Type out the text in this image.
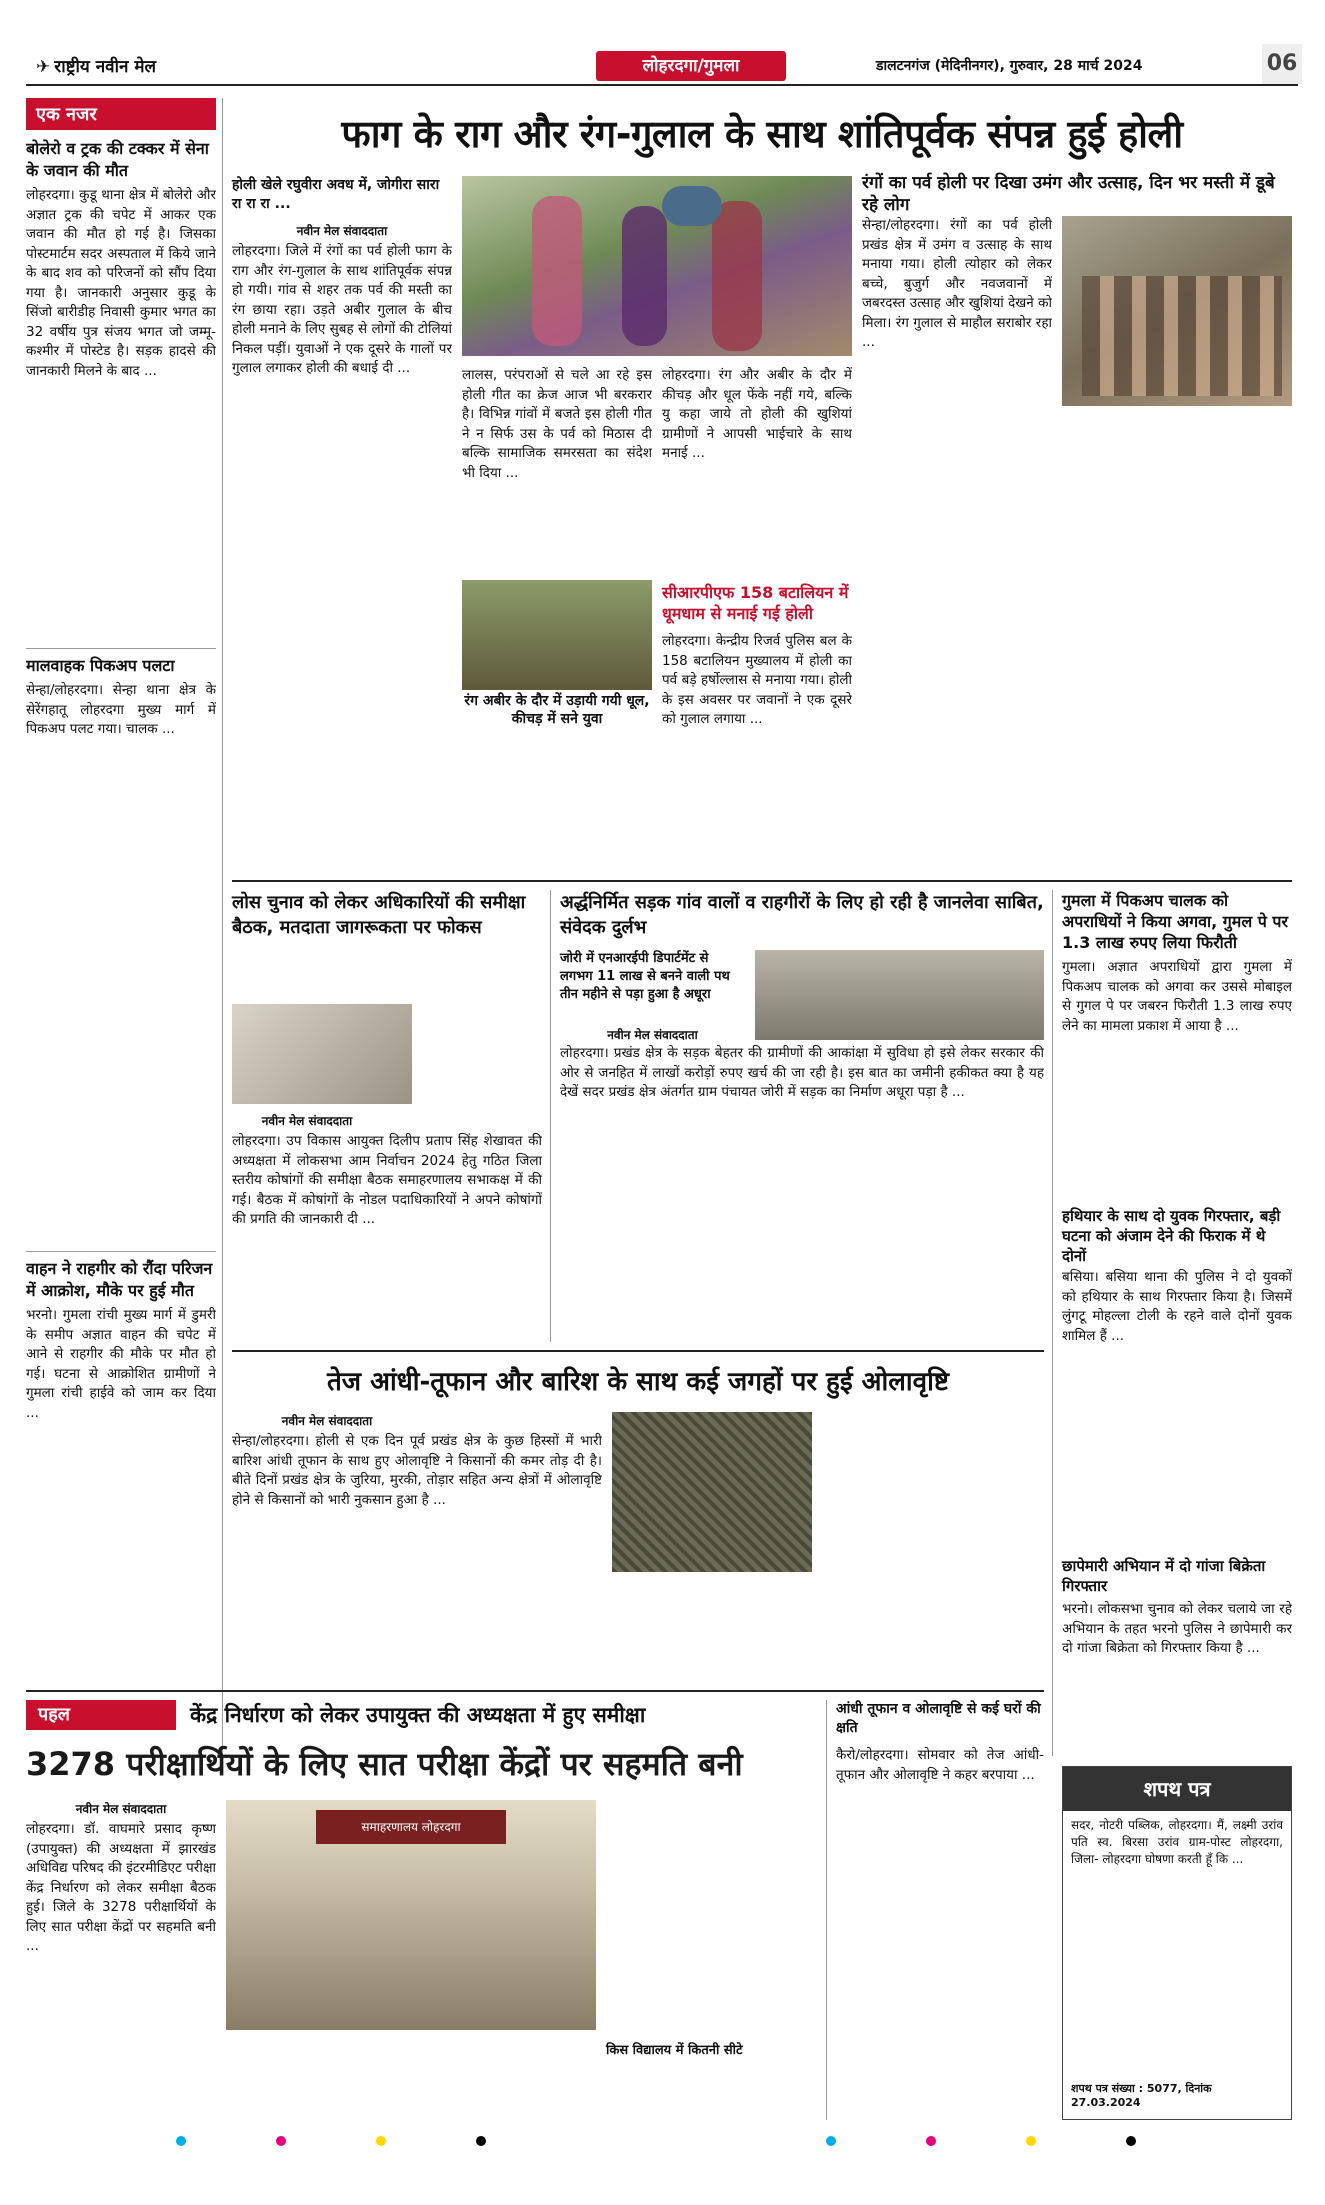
✈ राष्ट्रीय नवीन मेल	लोहरदगा/गुमला	डालटनगंज (मेदिनीनगर), गुरुवार, 28 मार्च 2024	06
एक नजर
बोलेरो व ट्रक की टक्कर में सेना के जवान की मौत
लोहरदगा। कुडू थाना क्षेत्र में बोलेरो और अज्ञात ट्रक की चपेट में आकर एक जवान की मौत हो गई है। जिसका पोस्टमार्टम सदर अस्पताल में किये जाने के बाद शव को परिजनों को सौंप दिया गया है। जानकारी अनुसार कुडू के सिंजो बारीडीह निवासी कुमार भगत का 32 वर्षीय पुत्र संजय भगत जो जम्मू-कश्मीर में पोस्टेड है। सड़क हादसे की जानकारी मिलने के बाद ...
मालवाहक पिकअप पलटा
सेन्हा/लोहरदगा। सेन्हा थाना क्षेत्र के सेरेंगहातू लोहरदगा मुख्य मार्ग में पिकअप पलट गया। चालक ...
वाहन ने राहगीर को रौंदा परिजन में आक्रोश, मौके पर हुई मौत
भरनो। गुमला रांची मुख्य मार्ग में डुमरी के समीप अज्ञात वाहन की चपेट में आने से राहगीर की मौके पर मौत हो गई। घटना से आक्रोशित ग्रामीणों ने गुमला रांची हाईवे को जाम कर दिया ...
फाग के राग और रंग-गुलाल के साथ शांतिपूर्वक संपन्न हुई होली
होली खेले रघुवीरा अवध में, जोगीरा सारा रा रा रा ...
नवीन मेल संवाददाता
लोहरदगा। जिले में रंगों का पर्व होली फाग के राग और रंग-गुलाल के साथ शांतिपूर्वक संपन्न हो गयी। गांव से शहर तक पर्व की मस्ती का रंग छाया रहा। उड़ते अबीर गुलाल के बीच होली मनाने के लिए सुबह से लोगों की टोलियां निकल पड़ीं। युवाओं ने एक दूसरे के गालों पर गुलाल लगाकर होली की बधाई दी ...	लालस, परंपराओं से चले आ रहे इस होली गीत का क्रेज आज भी बरकरार है। विभिन्न गांवों में बजते इस होली गीत ने न सिर्फ उस के पर्व को मिठास दी बल्कि सामाजिक समरसता का संदेश भी दिया ...
लोहरदगा। रंग और अबीर के दौर में कीचड़ और धूल फेंके नहीं गये, बल्कि यु कहा जाये तो होली की खुशियां ग्रामीणों ने आपसी भाईचारे के साथ मनाई ...
रंग अबीर के दौर में उड़ायी गयी धूल, कीचड़ में सने युवा
सीआरपीएफ 158 बटालियन में धूमधाम से मनाई गई होली
लोहरदगा। केन्द्रीय रिजर्व पुलिस बल के 158 बटालियन मुख्यालय में होली का पर्व बड़े हर्षोल्लास से मनाया गया। होली के इस अवसर पर जवानों ने एक दूसरे को गुलाल लगाया ...
रंगों का पर्व होली पर दिखा उमंग और उत्साह, दिन भर मस्ती में डूबे रहे लोग
सेन्हा/लोहरदगा। रंगों का पर्व होली प्रखंड क्षेत्र में उमंग व उत्साह के साथ मनाया गया। होली त्योहार को लेकर बच्चे, बुजुर्ग और नवजवानों में जबरदस्त उत्साह और खुशियां देखने को मिला। रंग गुलाल से माहौल सराबोर रहा ...
लोस चुनाव को लेकर अधिकारियों की समीक्षा बैठक, मतदाता जागरूकता पर फोकस
नवीन मेल संवाददाता
लोहरदगा। उप विकास आयुक्त दिलीप प्रताप सिंह शेखावत की अध्यक्षता में लोकसभा आम निर्वाचन 2024 हेतु गठित जिला स्तरीय कोषांगों की समीक्षा बैठक समाहरणालय सभाकक्ष में की गई। बैठक में कोषांगों के नोडल पदाधिकारियों ने अपने कोषांगों की प्रगति की जानकारी दी ...
अर्द्धनिर्मित सड़क गांव वालों व राहगीरों के लिए हो रही है जानलेवा साबित, संवेदक दुर्लभ
जोरी में एनआरईपी डिपार्टमेंट से लगभग 11 लाख से बनने वाली पथ तीन महीने से पड़ा हुआ है अधूरा
नवीन मेल संवाददाता
लोहरदगा। प्रखंड क्षेत्र के सड़क बेहतर की ग्रामीणों की आकांक्षा में सुविधा हो इसे लेकर सरकार की ओर से जनहित में लाखों करोड़ों रुपए खर्च की जा रही है। इस बात का जमीनी हकीकत क्या है यह देखें सदर प्रखंड क्षेत्र अंतर्गत ग्राम पंचायत जोरी में सड़क का निर्माण अधूरा पड़ा है ...
गुमला में पिकअप चालक को अपराधियों ने किया अगवा, गुमल पे पर 1.3 लाख रुपए लिया फिरौती
गुमला। अज्ञात अपराधियों द्वारा गुमला में पिकअप चालक को अगवा कर उससे मोबाइल से गुगल पे पर जबरन फिरौती 1.3 लाख रुपए लेने का मामला प्रकाश में आया है ...
हथियार के साथ दो युवक गिरफ्तार, बड़ी घटना को अंजाम देने की फिराक में थे दोनों
बसिया। बसिया थाना की पुलिस ने दो युवकों को हथियार के साथ गिरफ्तार किया है। जिसमें लुंगटू मोहल्ला टोली के रहने वाले दोनों युवक शामिल हैं ...
छापेमारी अभियान में दो गांजा बिक्रेता गिरफ्तार
भरनो। लोकसभा चुनाव को लेकर चलाये जा रहे अभियान के तहत भरनो पुलिस ने छापेमारी कर दो गांजा बिक्रेता को गिरफ्तार किया है ...
तेज आंधी-तूफान और बारिश के साथ कई जगहों पर हुई ओलावृष्टि
नवीन मेल संवाददाता
सेन्हा/लोहरदगा। होली से एक दिन पूर्व प्रखंड क्षेत्र के कुछ हिस्सों में भारी बारिश आंधी तूफान के साथ हुए ओलावृष्टि ने किसानों की कमर तोड़ दी है। बीते दिनों प्रखंड क्षेत्र के जुरिया, मुरकी, तोड़ार सहित अन्य क्षेत्रों में ओलावृष्टि होने से किसानों को भारी नुकसान हुआ है ...
पहल	केंद्र निर्धारण को लेकर उपायुक्त की अध्यक्षता में हुए समीक्षा
3278 परीक्षार्थियों के लिए सात परीक्षा केंद्रों पर सहमति बनी
नवीन मेल संवाददाता
लोहरदगा। डॉ. वाघमारे प्रसाद कृष्ण (उपायुक्त) की अध्यक्षता में झारखंड अधिविद्य परिषद की इंटरमीडिएट परीक्षा केंद्र निर्धारण को लेकर समीक्षा बैठक हुई। जिले के 3278 परीक्षार्थियों के लिए सात परीक्षा केंद्रों पर सहमति बनी ...
समाहरणालय लोहरदगा
किस विद्यालय में कितनी सीटे
आंधी तूफान व ओलावृष्टि से कई घरों की क्षति
कैरो/लोहरदगा। सोमवार को तेज आंधी-तूफान और ओलावृष्टि ने कहर बरपाया ...
शपथ पत्र
सदर, नोटरी पब्लिक, लोहरदगा। मैं, लक्ष्मी उरांव पति स्व. बिरसा उरांव ग्राम-पोस्ट लोहरदगा, जिला- लोहरदगा घोषणा करती हूँ कि ...
शपथ पत्र संख्या : 5077, दिनांक 27.03.2024
